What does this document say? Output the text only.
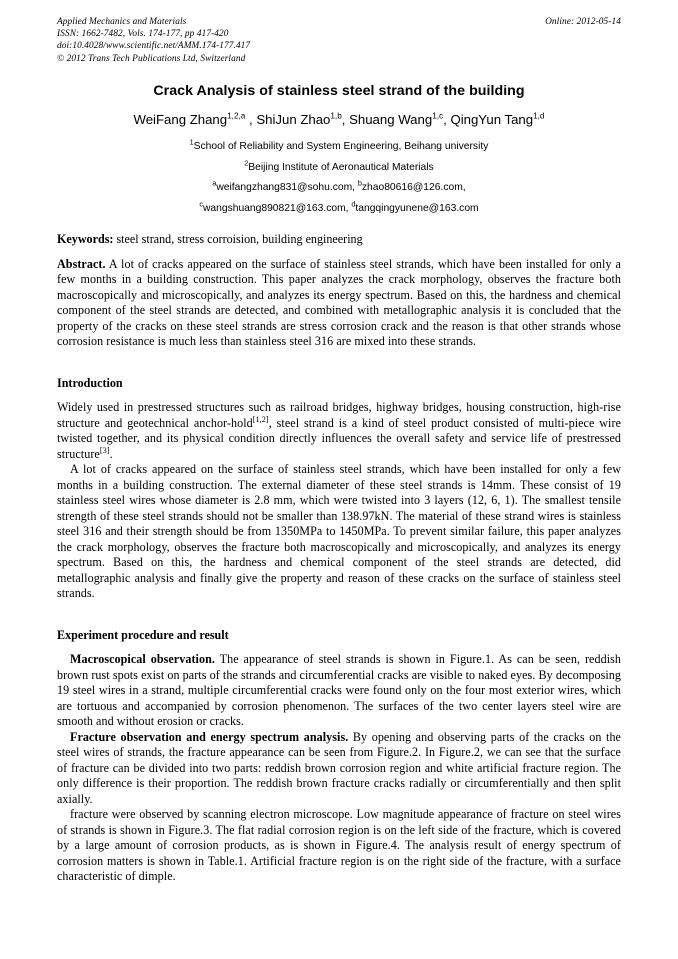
Applied Mechanics and Materials	Online: 2012-05-14
ISSN: 1662-7482, Vols. 174-177, pp 417-420
doi:10.4028/www.scientific.net/AMM.174-177.417
© 2012 Trans Tech Publications Ltd, Switzerland
Crack Analysis of stainless steel strand of the building
WeiFang Zhang$^{1,2,a}$ , ShiJun Zhao$^{1,b}$, Shuang Wang$^{1,c}$, QingYun Tang$^{1,d}$
$^1$School of Reliability and System Engineering, Beihang university
$^2$Beijing Institute of Aeronautical Materials
$^a$weifangzhang831@sohu.com, $^b$zhao80616@126.com,
$^c$wangshuang890821@163.com, $^d$tangqingyunene@163.com

Keywords: steel strand, stress corroision, building engineering

Abstract. A lot of cracks appeared on the surface of stainless steel strands, which have been installed for only a few months in a building construction. This paper analyzes the crack morphology, observes the fracture both macroscopically and microscopically, and analyzes its energy spectrum. Based on this, the hardness and chemical component of the steel strands are detected, and combined with metallographic analysis it is concluded that the property of the cracks on these steel strands are stress corrosion crack and the reason is that other strands whose corrosion resistance is much less than stainless steel 316 are mixed into these strands.

Introduction

Widely used in prestressed structures such as railroad bridges, highway bridges, housing construction, high-rise structure and geotechnical anchor-hold[1,2], steel strand is a kind of steel product consisted of multi-piece wire twisted together, and its physical condition directly influences the overall safety and service life of prestressed structure[3].

A lot of cracks appeared on the surface of stainless steel strands, which have been installed for only a few months in a building construction. The external diameter of these steel strands is 14mm. These consist of 19 stainless steel wires whose diameter is 2.8 mm, which were twisted into 3 layers (12, 6, 1). The smallest tensile strength of these steel strands should not be smaller than 138.97kN. The material of these strand wires is stainless steel 316 and their strength should be from 1350MPa to 1450MPa. To prevent similar failure, this paper analyzes the crack morphology, observes the fracture both macroscopically and microscopically, and analyzes its energy spectrum. Based on this, the hardness and chemical component of the steel strands are detected, did metallographic analysis and finally give the property and reason of these cracks on the surface of stainless steel strands.

Experiment procedure and result

Macroscopical observation. The appearance of steel strands is shown in Figure.1. As can be seen, reddish brown rust spots exist on parts of the strands and circumferential cracks are visible to naked eyes. By decomposing 19 steel wires in a strand, multiple circumferential cracks were found only on the four most exterior wires, which are tortuous and accompanied by corrosion phenomenon. The surfaces of the two center layers steel wire are smooth and without erosion or cracks.

Fracture observation and energy spectrum analysis. By opening and observing parts of the cracks on the steel wires of strands, the fracture appearance can be seen from Figure.2. In Figure.2, we can see that the surface of fracture can be divided into two parts: reddish brown corrosion region and white artificial fracture region. The only difference is their proportion. The reddish brown fracture cracks radially or circumferentially and then split axially.

fracture were observed by scanning electron microscope. Low magnitude appearance of fracture on steel wires of strands is shown in Figure.3. The flat radial corrosion region is on the left side of the fracture, which is covered by a large amount of corrosion products, as is shown in Figure.4. The analysis result of energy spectrum of corrosion matters is shown in Table.1. Artificial fracture region is on the right side of the fracture, with a surface characteristic of dimple.
